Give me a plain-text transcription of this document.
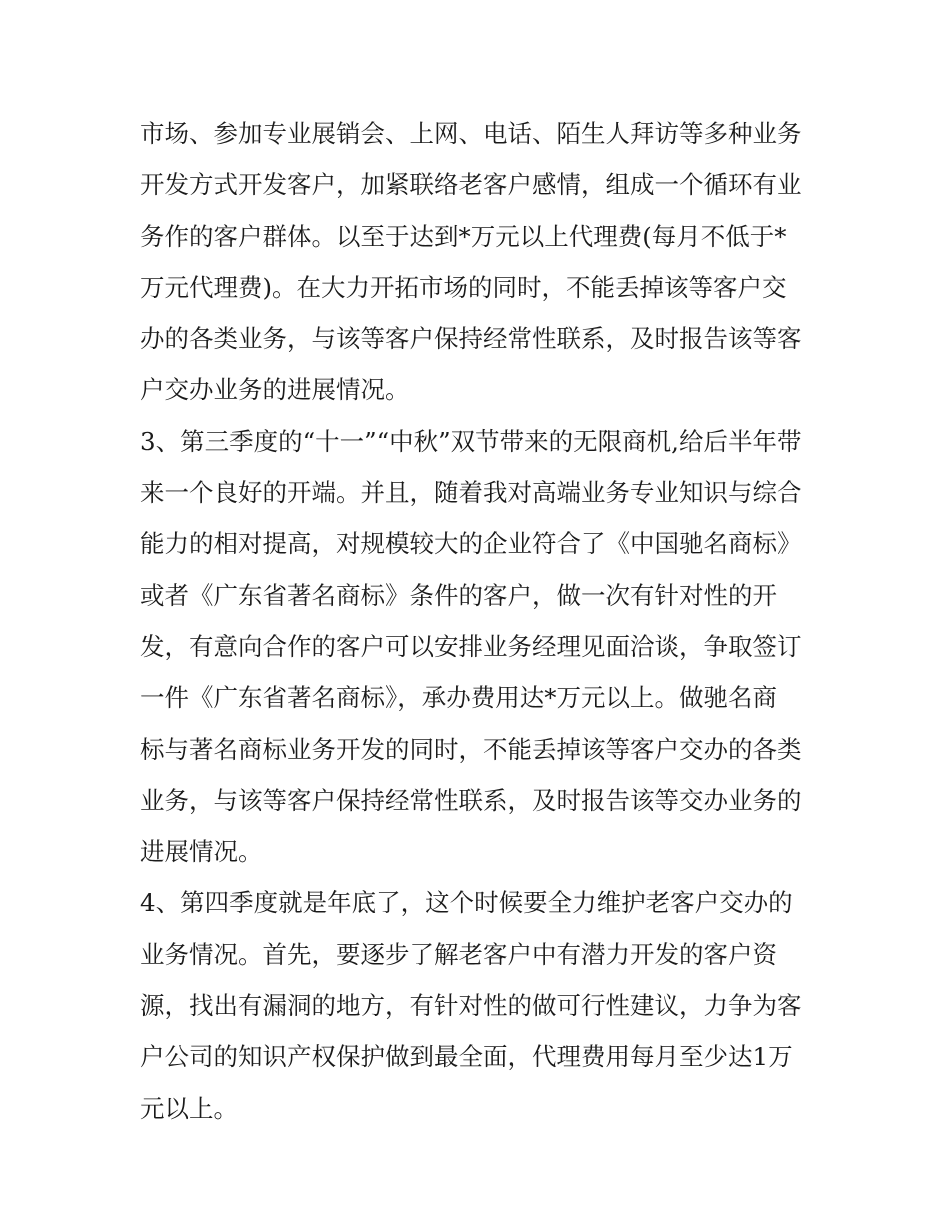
市场、参加专业展销会、上网、电话、陌生人拜访等多种业务
开发方式开发客户，加紧联络老客户感情，组成一个循环有业
务作的客户群体。以至于达到*万元以上代理费(每月不低于*
万元代理费)。在大力开拓市场的同时，不能丢掉该等客户交
办的各类业务，与该等客户保持经常性联系，及时报告该等客
户交办业务的进展情况。
3、第三季度的“十一”“中秋”双节带来的无限商机,给后半年带
来一个良好的开端。并且，随着我对高端业务专业知识与综合
能力的相对提高，对规模较大的企业符合了《中国驰名商标》
或者《广东省著名商标》条件的客户，做一次有针对性的开
发，有意向合作的客户可以安排业务经理见面洽谈，争取签订
一件《广东省著名商标》，承办费用达*万元以上。做驰名商
标与著名商标业务开发的同时，不能丢掉该等客户交办的各类
业务，与该等客户保持经常性联系，及时报告该等交办业务的
进展情况。
4、第四季度就是年底了，这个时候要全力维护老客户交办的
业务情况。首先，要逐步了解老客户中有潜力开发的客户资
源，找出有漏洞的地方，有针对性的做可行性建议，力争为客
户公司的知识产权保护做到最全面，代理费用每月至少达1万
元以上。
